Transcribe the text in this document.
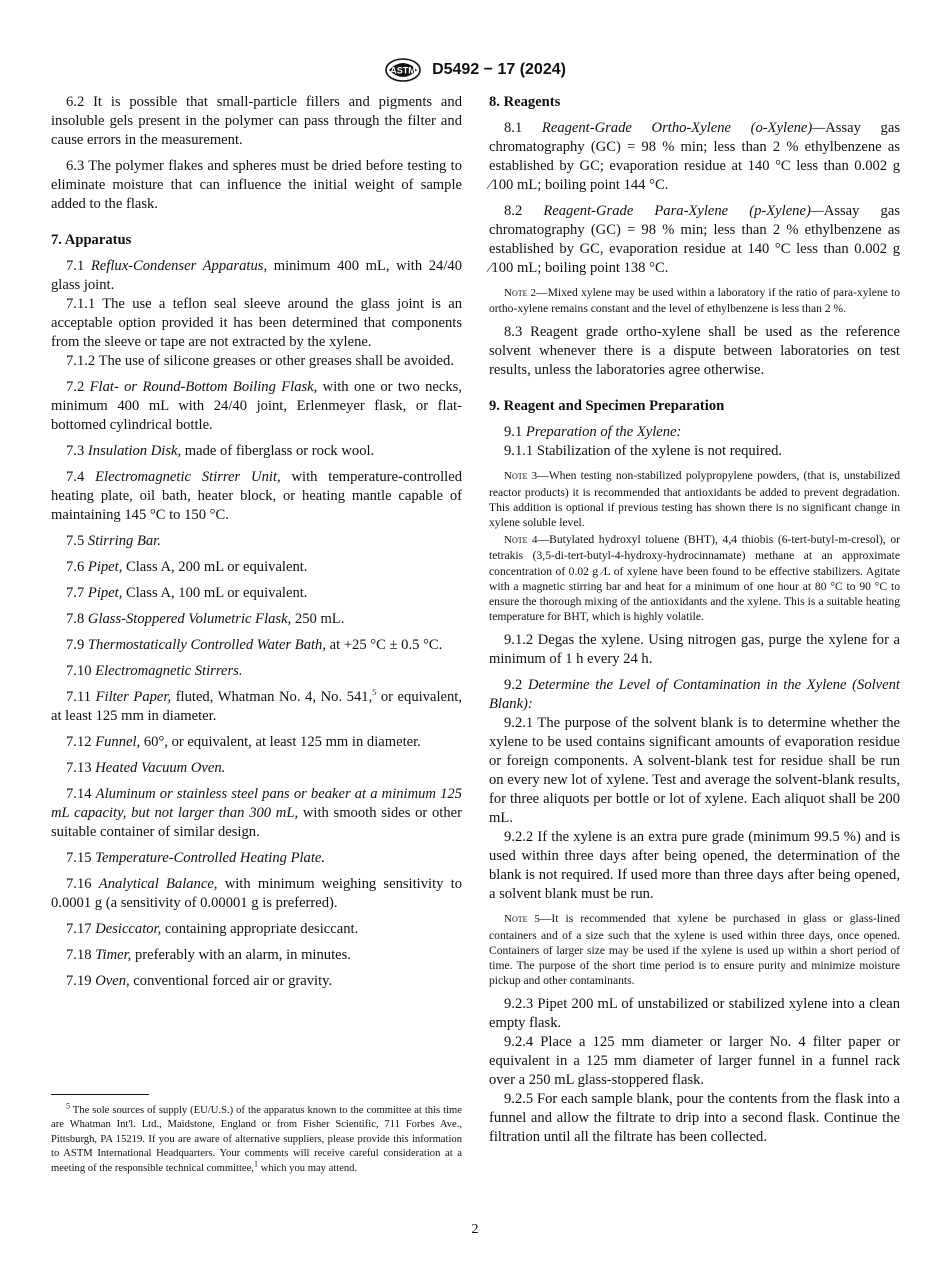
ASTM D5492 − 17 (2024)

6.2 It is possible that small-particle fillers and pigments and insoluble gels present in the polymer can pass through the filter and cause errors in the measurement.

6.3 The polymer flakes and spheres must be dried before testing to eliminate moisture that can influence the initial weight of sample added to the flask.

7. Apparatus

7.1 Reflux-Condenser Apparatus, minimum 400 mL, with 24/40 glass joint.

7.1.1 The use a teflon seal sleeve around the glass joint is an acceptable option provided it has been determined that components from the sleeve or tape are not extracted by the xylene.

7.1.2 The use of silicone greases or other greases shall be avoided.

7.2 Flat- or Round-Bottom Boiling Flask, with one or two necks, minimum 400 mL with 24/40 joint, Erlenmeyer flask, or flat-bottomed cylindrical bottle.

7.3 Insulation Disk, made of fiberglass or rock wool.

7.4 Electromagnetic Stirrer Unit, with temperature-controlled heating plate, oil bath, heater block, or heating mantle capable of maintaining 145 °C to 150 °C.

7.5 Stirring Bar.

7.6 Pipet, Class A, 200 mL or equivalent.

7.7 Pipet, Class A, 100 mL or equivalent.

7.8 Glass-Stoppered Volumetric Flask, 250 mL.

7.9 Thermostatically Controlled Water Bath, at +25 °C ± 0.5 °C.

7.10 Electromagnetic Stirrers.

7.11 Filter Paper, fluted, Whatman No. 4, No. 541,$^5$ or equivalent, at least 125 mm in diameter.

7.12 Funnel, 60°, or equivalent, at least 125 mm in diameter.

7.13 Heated Vacuum Oven.

7.14 Aluminum or stainless steel pans or beaker at a minimum 125 mL capacity, but not larger than 300 mL, with smooth sides or other suitable container of similar design.

7.15 Temperature-Controlled Heating Plate.

7.16 Analytical Balance, with minimum weighing sensitivity to 0.0001 g (a sensitivity of 0.00001 g is preferred).

7.17 Desiccator, containing appropriate desiccant.

7.18 Timer, preferably with an alarm, in minutes.

7.19 Oven, conventional forced air or gravity.

$^5$ The sole sources of supply (EU/U.S.) of the apparatus known to the committee at this time are Whatman Int'l. Ltd., Maidstone, England or from Fisher Scientific, 711 Forbes Ave., Pittsburgh, PA 15219. If you are aware of alternative suppliers, please provide this information to ASTM International Headquarters. Your comments will receive careful consideration at a meeting of the responsible technical committee,$^1$ which you may attend.

8. Reagents

8.1 Reagent-Grade Ortho-Xylene (o-Xylene)—Assay gas chromatography (GC) = 98 % min; less than 2 % ethylbenzene as established by GC; evaporation residue at 140 °C less than 0.002 g ⁄100 mL; boiling point 144 °C.

8.2 Reagent-Grade Para-Xylene (p-Xylene)—Assay gas chromatography (GC) = 98 % min; less than 2 % ethylbenzene as established by GC, evaporation residue at 140 °C less than 0.002 g ⁄100 mL; boiling point 138 °C.

Note 2—Mixed xylene may be used within a laboratory if the ratio of para-xylene to ortho-xylene remains constant and the level of ethylbenzene is less than 2 %.

8.3 Reagent grade ortho-xylene shall be used as the reference solvent whenever there is a dispute between laboratories on test results, unless the laboratories agree otherwise.

9. Reagent and Specimen Preparation

9.1 Preparation of the Xylene:

9.1.1 Stabilization of the xylene is not required.

Note 3—When testing non-stabilized polypropylene powders, (that is, unstabilized reactor products) it is recommended that antioxidants be added to prevent degradation. This addition is optional if previous testing has shown there is no significant change in xylene soluble level.
Note 4—Butylated hydroxyl toluene (BHT), 4,4 thiobis (6-tert-butyl-m-cresol), or tetrakis (3,5-di-tert-butyl-4-hydroxy-hydrocinnamate) methane at an approximate concentration of 0.02 g ⁄L of xylene have been found to be effective stabilizers. Agitate with a magnetic stirring bar and heat for a minimum of one hour at 80 °C to 90 °C to ensure the thorough mixing of the antioxidants and the xylene. This is a suitable heating temperature for BHT, which is highly volatile.

9.1.2 Degas the xylene. Using nitrogen gas, purge the xylene for a minimum of 1 h every 24 h.

9.2 Determine the Level of Contamination in the Xylene (Solvent Blank):

9.2.1 The purpose of the solvent blank is to determine whether the xylene to be used contains significant amounts of evaporation residue or foreign components. A solvent-blank test for residue shall be run on every new lot of xylene. Test and average the solvent-blank results, for three aliquots per bottle or lot of xylene. Each aliquot shall be 200 mL.

9.2.2 If the xylene is an extra pure grade (minimum 99.5 %) and is used within three days after being opened, the determination of the blank is not required. If used more than three days after being opened, a solvent blank must be run.

Note 5—It is recommended that xylene be purchased in glass or glass-lined containers and of a size such that the xylene is used within three days, once opened. Containers of larger size may be used if the xylene is used up within a short period of time. The purpose of the short time period is to ensure purity and minimize moisture pickup and other contaminants.

9.2.3 Pipet 200 mL of unstabilized or stabilized xylene into a clean empty flask.

9.2.4 Place a 125 mm diameter or larger No. 4 filter paper or equivalent in a 125 mm diameter of larger funnel in a funnel rack over a 250 mL glass-stoppered flask.

9.2.5 For each sample blank, pour the contents from the flask into a funnel and allow the filtrate to drip into a second flask. Continue the filtration until all the filtrate has been collected.

2
